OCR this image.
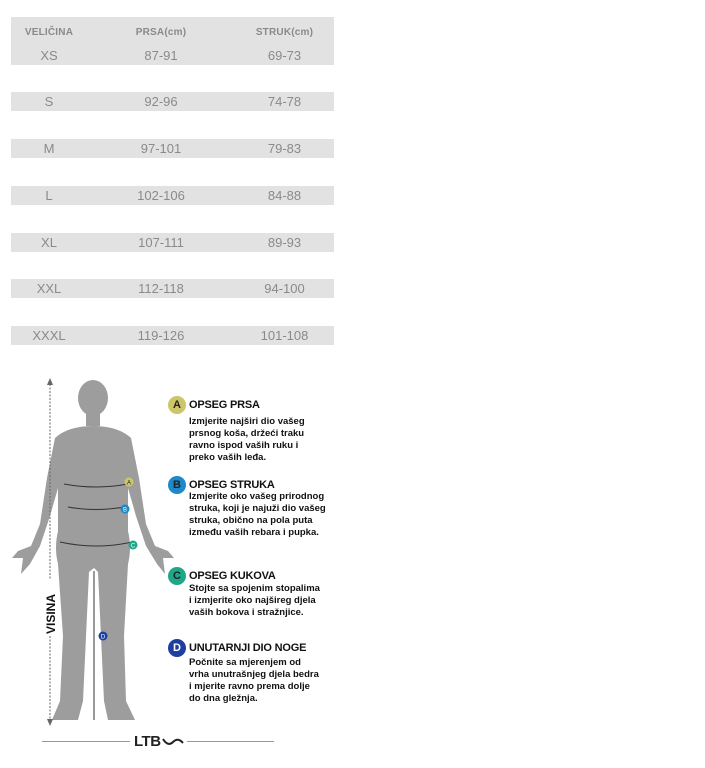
VELIČINA	PRSA(cm)	STRUK(cm)
XS	87-91	69-73
S	92-96	74-78
M	97-101	79-83
L	102-106	84-88
XL	107-111	89-93
XXL	112-118	94-100
XXXL	119-126	101-108
VISINA
A
B
C
D
A OPSEG PRSA
Izmjerite najširi dio vašeg
prsnog koša, držeći traku
ravno ispod vaših ruku i
preko vaših leđa.
B OPSEG STRUKA
Izmjerite oko vašeg prirodnog
struka, koji je najuži dio vašeg
struka, obično na pola puta
između vaših rebara i pupka.
C OPSEG KUKOVA
Stojte sa spojenim stopalima
i izmjerite oko najšireg djela
vaših bokova i stražnjice.
D UNUTARNJI DIO NOGE
Počnite sa mjerenjem od
vrha unutrašnjeg djela bedra
i mjerite ravno prema dolje
do dna gležnja.
LTB
